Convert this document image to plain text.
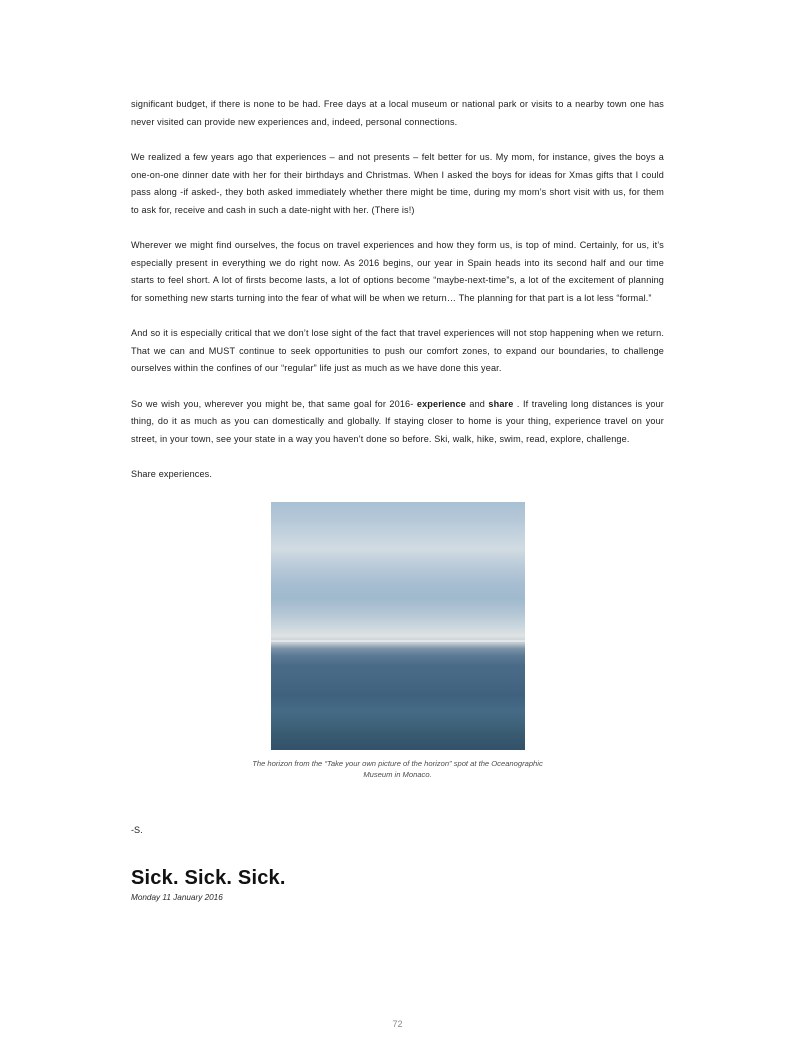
significant budget, if there is none to be had. Free days at a local museum or national park or visits to a nearby town one has never visited can provide new experiences and, indeed, personal connections.

We realized a few years ago that experiences – and not presents – felt better for us. My mom, for instance, gives the boys a one-on-one dinner date with her for their birthdays and Christmas. When I asked the boys for ideas for Xmas gifts that I could pass along -if asked-, they both asked immediately whether there might be time, during my mom’s short visit with us, for them to ask for, receive and cash in such a date-night with her. (There is!)

Wherever we might find ourselves, the focus on travel experiences and how they form us, is top of mind. Certainly, for us, it’s especially present in everything we do right now. As 2016 begins, our year in Spain heads into its second half and our time starts to feel short. A lot of firsts become lasts, a lot of options become “maybe-next-time”s, a lot of the excitement of planning for something new starts turning into the fear of what will be when we return… The planning for that part is a lot less “formal.”

And so it is especially critical that we don’t lose sight of the fact that travel experiences will not stop happening when we return. That we can and MUST continue to seek opportunities to push our comfort zones, to expand our boundaries, to challenge ourselves within the confines of our “regular” life just as much as we have done this year.

So we wish you, wherever you might be, that same goal for 2016- experience and share . If traveling long distances is your thing, do it as much as you can domestically and globally. If staying closer to home is your thing, experience travel on your street, in your town, see your state in a way you haven’t done so before. Ski, walk, hike, swim, read, explore, challenge.

Share experiences.

The horizon from the “Take your own picture of the horizon” spot at the Oceanographic Museum in Monaco.
-S.
Sick. Sick. Sick.
Monday 11 January 2016
72
